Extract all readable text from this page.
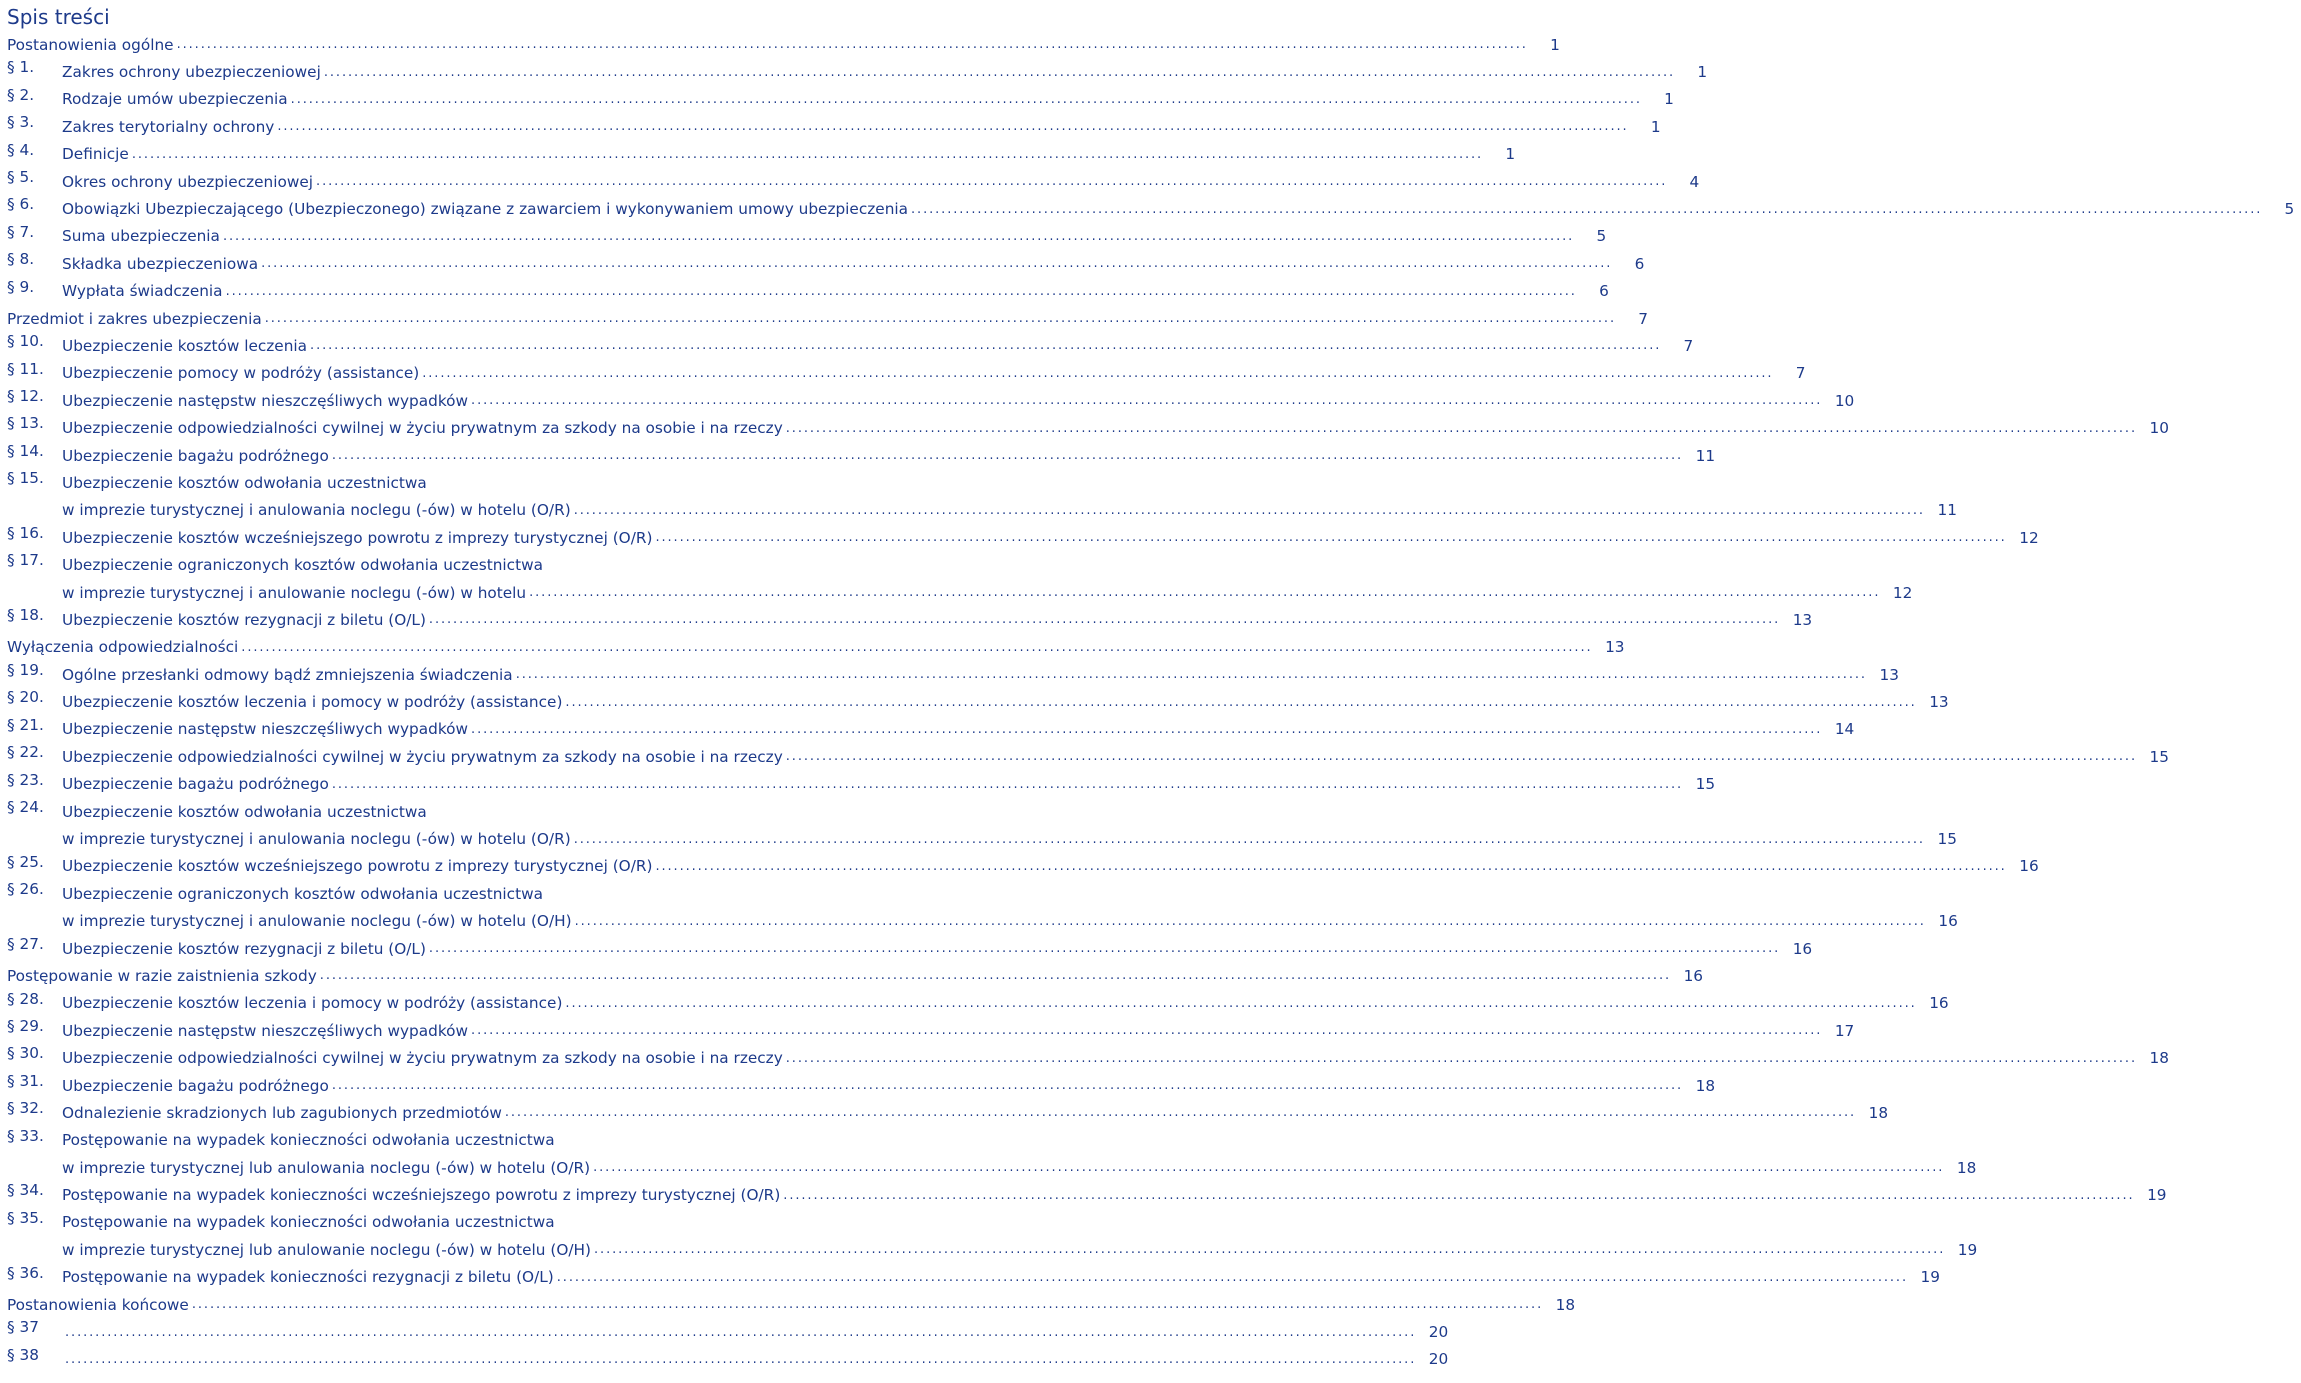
Spis treści
Postanowienia ogólne ................................................................................................................................................................................................................................	1
§ 1.	Zakres ochrony ubezpieczeniowej ................................................................................................................................................................................................................................	1
§ 2.	Rodzaje umów ubezpieczenia ................................................................................................................................................................................................................................	1
§ 3.	Zakres terytorialny ochrony ................................................................................................................................................................................................................................	1
§ 4.	Definicje ................................................................................................................................................................................................................................	1
§ 5.	Okres ochrony ubezpieczeniowej ................................................................................................................................................................................................................................	4
§ 6.	Obowiązki Ubezpieczającego (Ubezpieczonego) związane z zawarciem i wykonywaniem umowy ubezpieczenia ................................................................................................................................................................................................................................	5
§ 7.	Suma ubezpieczenia ................................................................................................................................................................................................................................	5
§ 8.	Składka ubezpieczeniowa ................................................................................................................................................................................................................................	6
§ 9.	Wypłata świadczenia ................................................................................................................................................................................................................................	6
Przedmiot i zakres ubezpieczenia ................................................................................................................................................................................................................................	7
§ 10.	Ubezpieczenie kosztów leczenia ................................................................................................................................................................................................................................	7
§ 11.	Ubezpieczenie pomocy w podróży (assistance) ................................................................................................................................................................................................................................	7
§ 12.	Ubezpieczenie następstw nieszczęśliwych wypadków ................................................................................................................................................................................................................................ 10
§ 13.	Ubezpieczenie odpowiedzialności cywilnej w życiu prywatnym za szkody na osobie i na rzeczy ................................................................................................................................................................................................................................ 10
§ 14.	Ubezpieczenie bagażu podróżnego ................................................................................................................................................................................................................................ 11
§ 15.	Ubezpieczenie kosztów odwołania uczestnictwa
w imprezie turystycznej i anulowania noclegu (-ów) w hotelu (O/R) ................................................................................................................................................................................................................................ 11
§ 16.	Ubezpieczenie kosztów wcześniejszego powrotu z imprezy turystycznej (O/R) ................................................................................................................................................................................................................................ 12
§ 17.	Ubezpieczenie ograniczonych kosztów odwołania uczestnictwa
w imprezie turystycznej i anulowanie noclegu (-ów) w hotelu ................................................................................................................................................................................................................................ 12
§ 18.	Ubezpieczenie kosztów rezygnacji z biletu (O/L) ................................................................................................................................................................................................................................ 13
Wyłączenia odpowiedzialności ................................................................................................................................................................................................................................ 13
§ 19.	Ogólne przesłanki odmowy bądź zmniejszenia świadczenia ................................................................................................................................................................................................................................ 13
§ 20.	Ubezpieczenie kosztów leczenia i pomocy w podróży (assistance) ................................................................................................................................................................................................................................ 13
§ 21.	Ubezpieczenie następstw nieszczęśliwych wypadków ................................................................................................................................................................................................................................ 14
§ 22.	Ubezpieczenie odpowiedzialności cywilnej w życiu prywatnym za szkody na osobie i na rzeczy ................................................................................................................................................................................................................................ 15
§ 23.	Ubezpieczenie bagażu podróżnego ................................................................................................................................................................................................................................ 15
§ 24.	Ubezpieczenie kosztów odwołania uczestnictwa
w imprezie turystycznej i anulowania noclegu (-ów) w hotelu (O/R) ................................................................................................................................................................................................................................ 15
§ 25.	Ubezpieczenie kosztów wcześniejszego powrotu z imprezy turystycznej (O/R) ................................................................................................................................................................................................................................ 16
§ 26.	Ubezpieczenie ograniczonych kosztów odwołania uczestnictwa
w imprezie turystycznej i anulowanie noclegu (-ów) w hotelu (O/H) ................................................................................................................................................................................................................................ 16
§ 27.	Ubezpieczenie kosztów rezygnacji z biletu (O/L) ................................................................................................................................................................................................................................ 16
Postępowanie w razie zaistnienia szkody ................................................................................................................................................................................................................................ 16
§ 28.	Ubezpieczenie kosztów leczenia i pomocy w podróży (assistance) ................................................................................................................................................................................................................................ 16
§ 29.	Ubezpieczenie następstw nieszczęśliwych wypadków ................................................................................................................................................................................................................................ 17
§ 30.	Ubezpieczenie odpowiedzialności cywilnej w życiu prywatnym za szkody na osobie i na rzeczy ................................................................................................................................................................................................................................ 18
§ 31.	Ubezpieczenie bagażu podróżnego ................................................................................................................................................................................................................................ 18
§ 32.	Odnalezienie skradzionych lub zagubionych przedmiotów ................................................................................................................................................................................................................................ 18
§ 33.	Postępowanie na wypadek konieczności odwołania uczestnictwa
w imprezie turystycznej lub anulowania noclegu (-ów) w hotelu (O/R) ................................................................................................................................................................................................................................ 18
§ 34.	Postępowanie na wypadek konieczności wcześniejszego powrotu z imprezy turystycznej (O/R) ................................................................................................................................................................................................................................ 19
§ 35.	Postępowanie na wypadek konieczności odwołania uczestnictwa
w imprezie turystycznej lub anulowanie noclegu (-ów) w hotelu (O/H) ................................................................................................................................................................................................................................ 19
§ 36.	Postępowanie na wypadek konieczności rezygnacji z biletu (O/L) ................................................................................................................................................................................................................................ 19
Postanowienia końcowe ................................................................................................................................................................................................................................ 18
§ 37	................................................................................................................................................................................................................................ 20
§ 38	................................................................................................................................................................................................................................ 20
